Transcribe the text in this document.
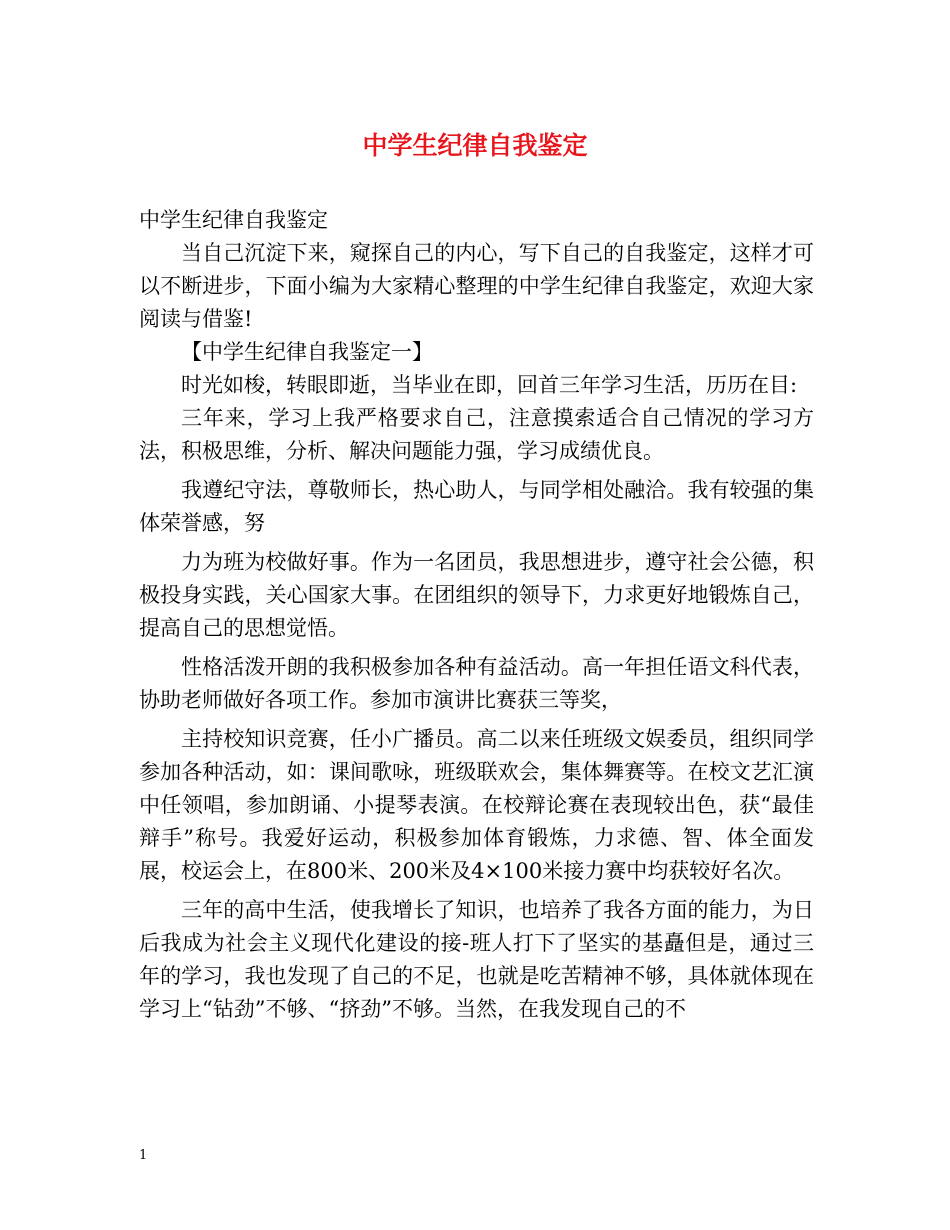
中学生纪律自我鉴定

中学生纪律自我鉴定

当自己沉淀下来，窥探自己的内心，写下自己的自我鉴定，这样才可以不断进步，下面小编为大家精心整理的中学生纪律自我鉴定，欢迎大家阅读与借鉴!

【中学生纪律自我鉴定一】

时光如梭，转眼即逝，当毕业在即，回首三年学习生活，历历在目:

三年来，学习上我严格要求自己，注意摸索适合自己情况的学习方法，积极思维，分析、解决问题能力强，学习成绩优良。

我遵纪守法，尊敬师长，热心助人，与同学相处融洽。我有较强的集体荣誉感，努

力为班为校做好事。作为一名团员，我思想进步，遵守社会公德，积极投身实践，关心国家大事。在团组织的领导下，力求更好地锻炼自己，提高自己的思想觉悟。

性格活泼开朗的我积极参加各种有益活动。高一年担任语文科代表，协助老师做好各项工作。参加市演讲比赛获三等奖，

主持校知识竞赛，任小广播员。高二以来任班级文娱委员，组织同学参加各种活动，如：课间歌咏，班级联欢会，集体舞赛等。在校文艺汇演中任领唱，参加朗诵、小提琴表演。在校辩论赛在表现较出色，获“最佳辩手”称号。我爱好运动，积极参加体育锻炼，力求德、智、体全面发展，校运会上，在800米、200米及4×100米接力赛中均获较好名次。

三年的高中生活，使我增长了知识，也培养了我各方面的能力，为日后我成为社会主义现代化建设的接-班人打下了坚实的基矗但是，通过三年的学习，我也发现了自己的不足，也就是吃苦精神不够，具体就体现在学习上“钻劲”不够、“挤劲”不够。当然，在我发现自己的不

1
